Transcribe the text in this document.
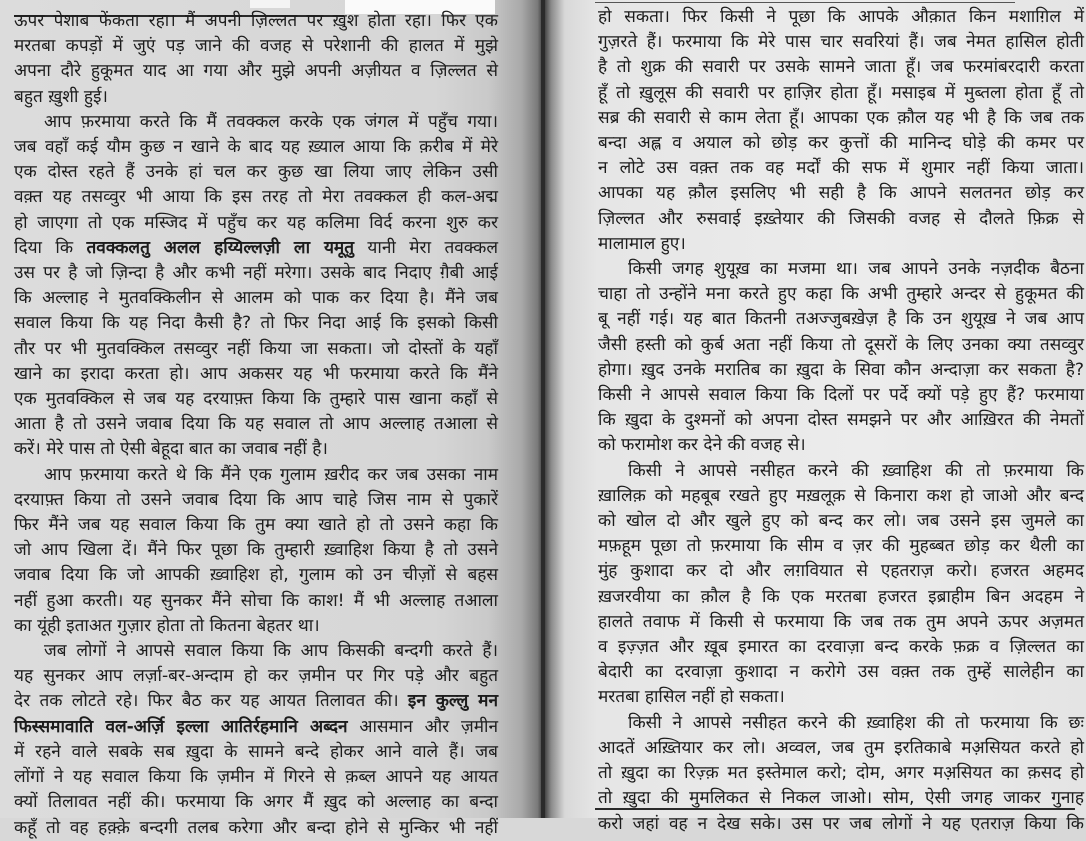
ऊपर पेशाब फेंकता रहा। मैं अपनी ज़िल्लत पर ख़ुश होता रहा। फिर एक
मरतबा कपड़ों में जुएं पड़ जाने की वजह से परेशानी की हालत में मुझे
अपना दौरे हुकूमत याद आ गया और मुझे अपनी अज़ीयत व ज़िल्लत से
बहुत ख़ुशी हुई।
आप फ़रमाया करते कि मैं तवक्कल करके एक जंगल में पहुँच गया।
जब वहाँ कई यौम कुछ न खाने के बाद यह ख़्याल आया कि क़रीब में मेरे
एक दोस्त रहते हैं उनके हां चल कर कुछ खा लिया जाए लेकिन उसी
वक़्त यह तसव्वुर भी आया कि इस तरह तो मेरा तवक्कल ही कल-अद्म
हो जाएगा तो एक मस्जिद में पहुँच कर यह कलिमा विर्द करना शुरु कर
दिया कि तवक्कलतु अलल हय्यिल्लज़ी ला यमूतु यानी मेरा तवक्कल
उस पर है जो ज़िन्दा है और कभी नहीं मरेगा। उसके बाद निदाए ग़ैबी आई
कि अल्लाह ने मुतवक्किलीन से आलम को पाक कर दिया है। मैंने जब
सवाल किया कि यह निदा कैसी है? तो फिर निदा आई कि इसको किसी
तौर पर भी मुतवक्किल तसव्वुर नहीं किया जा सकता। जो दोस्तों के यहाँ
खाने का इरादा करता हो। आप अकसर यह भी फरमाया करते कि मैंने
एक मुतवक्किल से जब यह दरयाफ़्त किया कि तुम्हारे पास खाना कहाँ से
आता है तो उसने जवाब दिया कि यह सवाल तो आप अल्लाह तआला से
करें। मेरे पास तो ऐसी बेहूदा बात का जवाब नहीं है।
आप फ़रमाया करते थे कि मैंने एक गुलाम ख़रीद कर जब उसका नाम
दरयाफ़्त किया तो उसने जवाब दिया कि आप चाहे जिस नाम से पुकारें
फिर मैंने जब यह सवाल किया कि तुम क्या खाते हो तो उसने कहा कि
जो आप खिला दें। मैंने फिर पूछा कि तुम्हारी ख़्वाहिश किया है तो उसने
जवाब दिया कि जो आपकी ख़्वाहिश हो, गुलाम को उन चीज़ों से बहस
नहीं हुआ करती। यह सुनकर मैंने सोचा कि काश! मैं भी अल्लाह तआला
का यूंही इताअत गुज़ार होता तो कितना बेहतर था।
जब लोगों ने आपसे सवाल किया कि आप किसकी बन्दगी करते हैं।
यह सुनकर आप लर्ज़ा-बर-अन्दाम हो कर ज़मीन पर गिर पड़े और बहुत
देर तक लोटते रहे। फिर बैठ कर यह आयत तिलावत की। इन कुल्लु मन
फिस्समावाति वल-अर्ज़ि इल्ला आतिर्रहमानि अब्दन आसमान और ज़मीन
में रहने वाले सबके सब ख़ुदा के सामने बन्दे होकर आने वाले हैं। जब
लोंगों ने यह सवाल किया कि ज़मीन में गिरने से क़ब्ल आपने यह आयत
क्यों तिलावत नहीं की। फरमाया कि अगर मैं ख़ुद को अल्लाह का बन्दा
कहूँ तो वह हक़्क़े बन्दगी तलब करेगा और बन्दा होने से मुन्किर भी नहीं
हो सकता। फिर किसी ने पूछा कि आपके औक़ात किन मशाग़िल में
गुज़रते हैं। फरमाया कि मेरे पास चार सवरियां हैं। जब नेमत हासिल होती
है तो शुक्र की सवारी पर उसके सामने जाता हूँ। जब फरमांबरदारी करता
हूँ तो ख़ुलूस की सवारी पर हाज़िर होता हूँ। मसाइब में मुब्तला होता हूँ तो
सब्र की सवारी से काम लेता हूँ। आपका एक क़ौल यह भी है कि जब तक
बन्दा अह्ल व अयाल को छोड़ कर कुत्तों की मानिन्द घोड़े की कमर पर
न लोटे उस वक़्त तक वह मर्दों की सफ में शुमार नहीं किया जाता।
आपका यह क़ौल इसलिए भी सही है कि आपने सलतनत छोड़ कर
ज़िल्लत और रुसवाई इख़्तेयार की जिसकी वजह से दौलते फ़िक्र से
मालामाल हुए।
किसी जगह शुयूख़ का मजमा था। जब आपने उनके नज़दीक बैठना
चाहा तो उन्होंने मना करते हुए कहा कि अभी तुम्हारे अन्दर से हुकूमत की
बू नहीं गई। यह बात कितनी तअज्जुबख़ेज़ है कि उन शुयूख़ ने जब आप
जैसी हस्ती को कुर्ब अता नहीं किया तो दूसरों के लिए उनका क्या तसव्वुर
होगा। ख़ुद उनके मरातिब का ख़ुदा के सिवा कौन अन्दाज़ा कर सकता है?
किसी ने आपसे सवाल किया कि दिलों पर पर्दे क्यों पड़े हुए हैं? फरमाया
कि ख़ुदा के दुश्मनों को अपना दोस्त समझने पर और आख़िरत की नेमतों
को फरामोश कर देने की वजह से।
किसी ने आपसे नसीहत करने की ख़्वाहिश की तो फ़रमाया कि
ख़ालिक़ को महबूब रखते हुए मख़लूक़ से किनारा कश हो जाओ और बन्द
को खोल दो और खुले हुए को बन्द कर लो। जब उसने इस जुमले का
मफ़हूम पूछा तो फ़रमाया कि सीम व ज़र की मुहब्बत छोड़ कर थैली का
मुंह कुशादा कर दो और लग़वियात से एहतराज़ करो। हजरत अहमद
ख़जरवीया का क़ौल है कि एक मरतबा हजरत इब्राहीम बिन अदहम ने
हालते तवाफ में किसी से फरमाया कि जब तक तुम अपने ऊपर अज़मत
व इज़्ज़त और ख़ूब इमारत का दरवाज़ा बन्द करके फ़क्र व ज़िल्लत का
बेदारी का दरवाज़ा कुशादा न करोगे उस वक़्त तक तुम्हें सालेहीन का
मरतबा हासिल नहीं हो सकता।
किसी ने आपसे नसीहत करने की ख़्वाहिश की तो फरमाया कि छः
आदतें अख़्तियार कर लो। अव्वल, जब तुम इरतिकाबे मअ़सियत करते हो
तो ख़ुदा का रिज़्क़ मत इस्तेमाल करो; दोम, अगर मअ़सियत का क़सद हो
तो ख़ुदा की मुमलिकत से निकल जाओ। सोम, ऐसी जगह जाकर गुनाह
करो जहां वह न देख सके। उस पर जब लोगों ने यह एतराज़ किया कि
